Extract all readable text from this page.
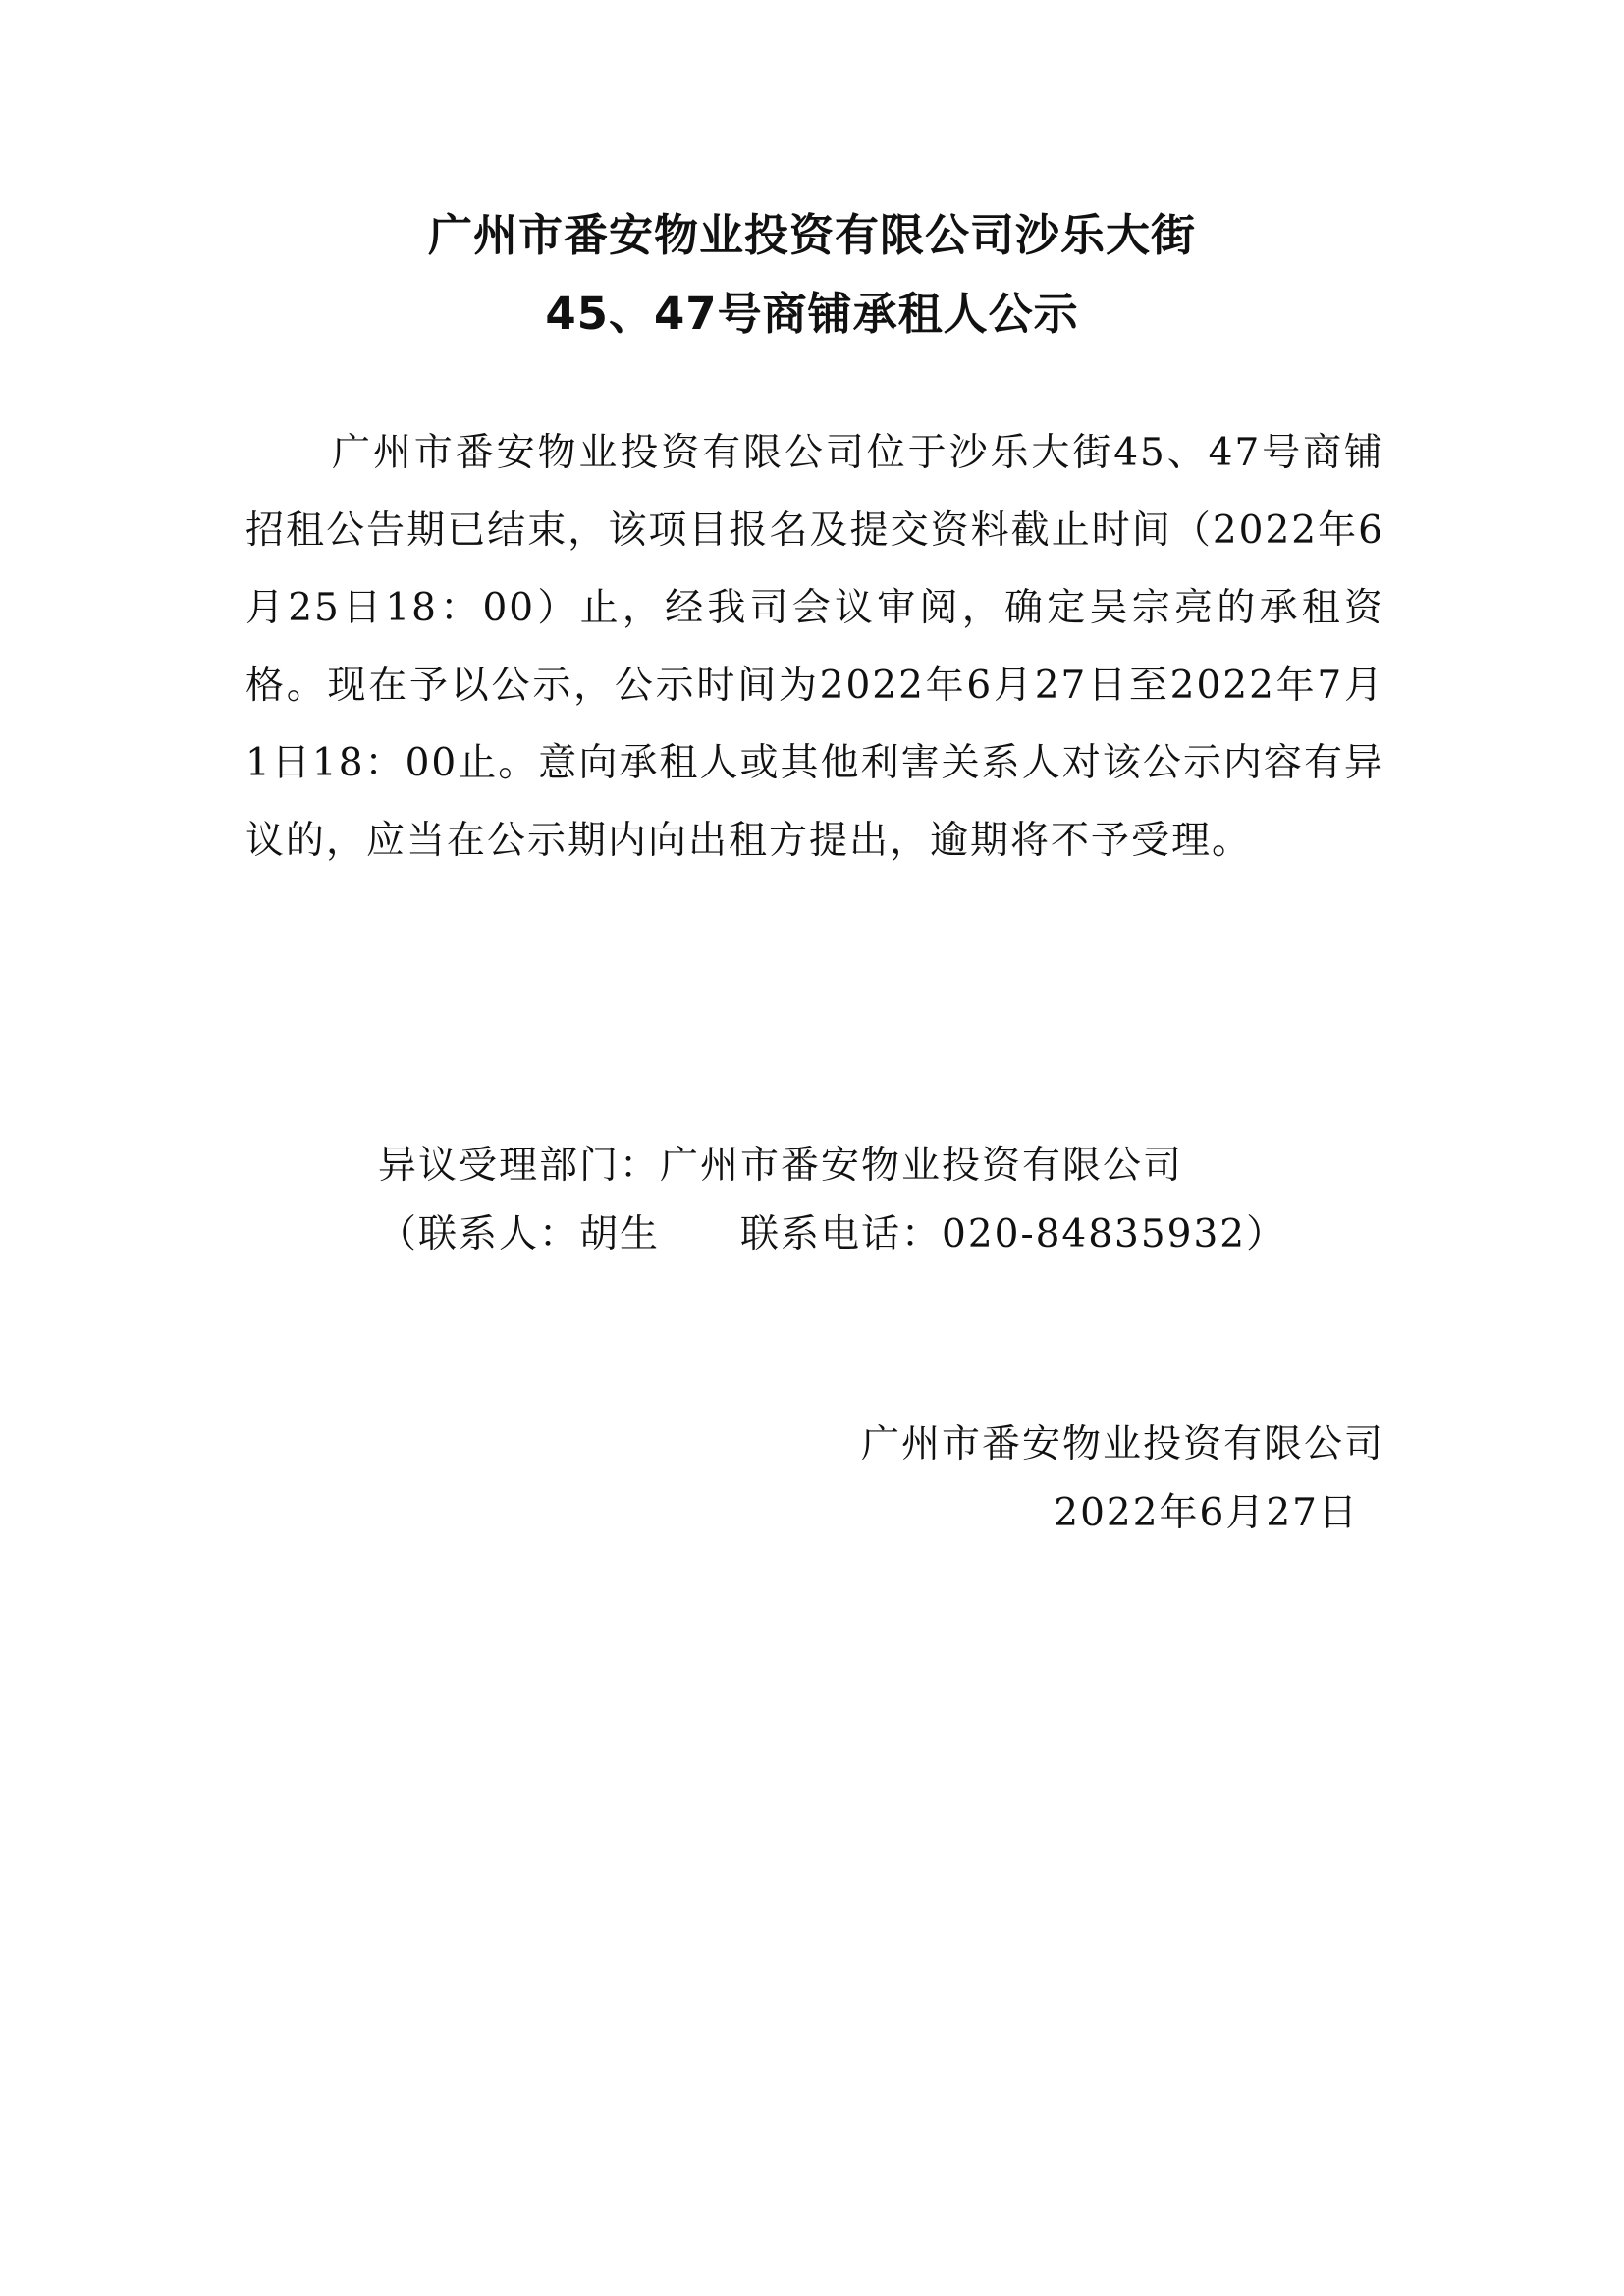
广州市番安物业投资有限公司沙乐大街
45、47号商铺承租人公示

广州市番安物业投资有限公司位于沙乐大街45、47号商铺招租公告期已结束，该项目报名及提交资料截止时间（2022年6月25日18：00）止，经我司会议审阅，确定吴宗亮的承租资格。现在予以公示，公示时间为2022年6月27日至2022年7月1日18：00止。意向承租人或其他利害关系人对该公示内容有异议的，应当在公示期内向出租方提出，逾期将不予受理。

异议受理部门：广州市番安物业投资有限公司
（联系人：胡生　　联系电话：020-84835932）
广州市番安物业投资有限公司
2022年6月27日
